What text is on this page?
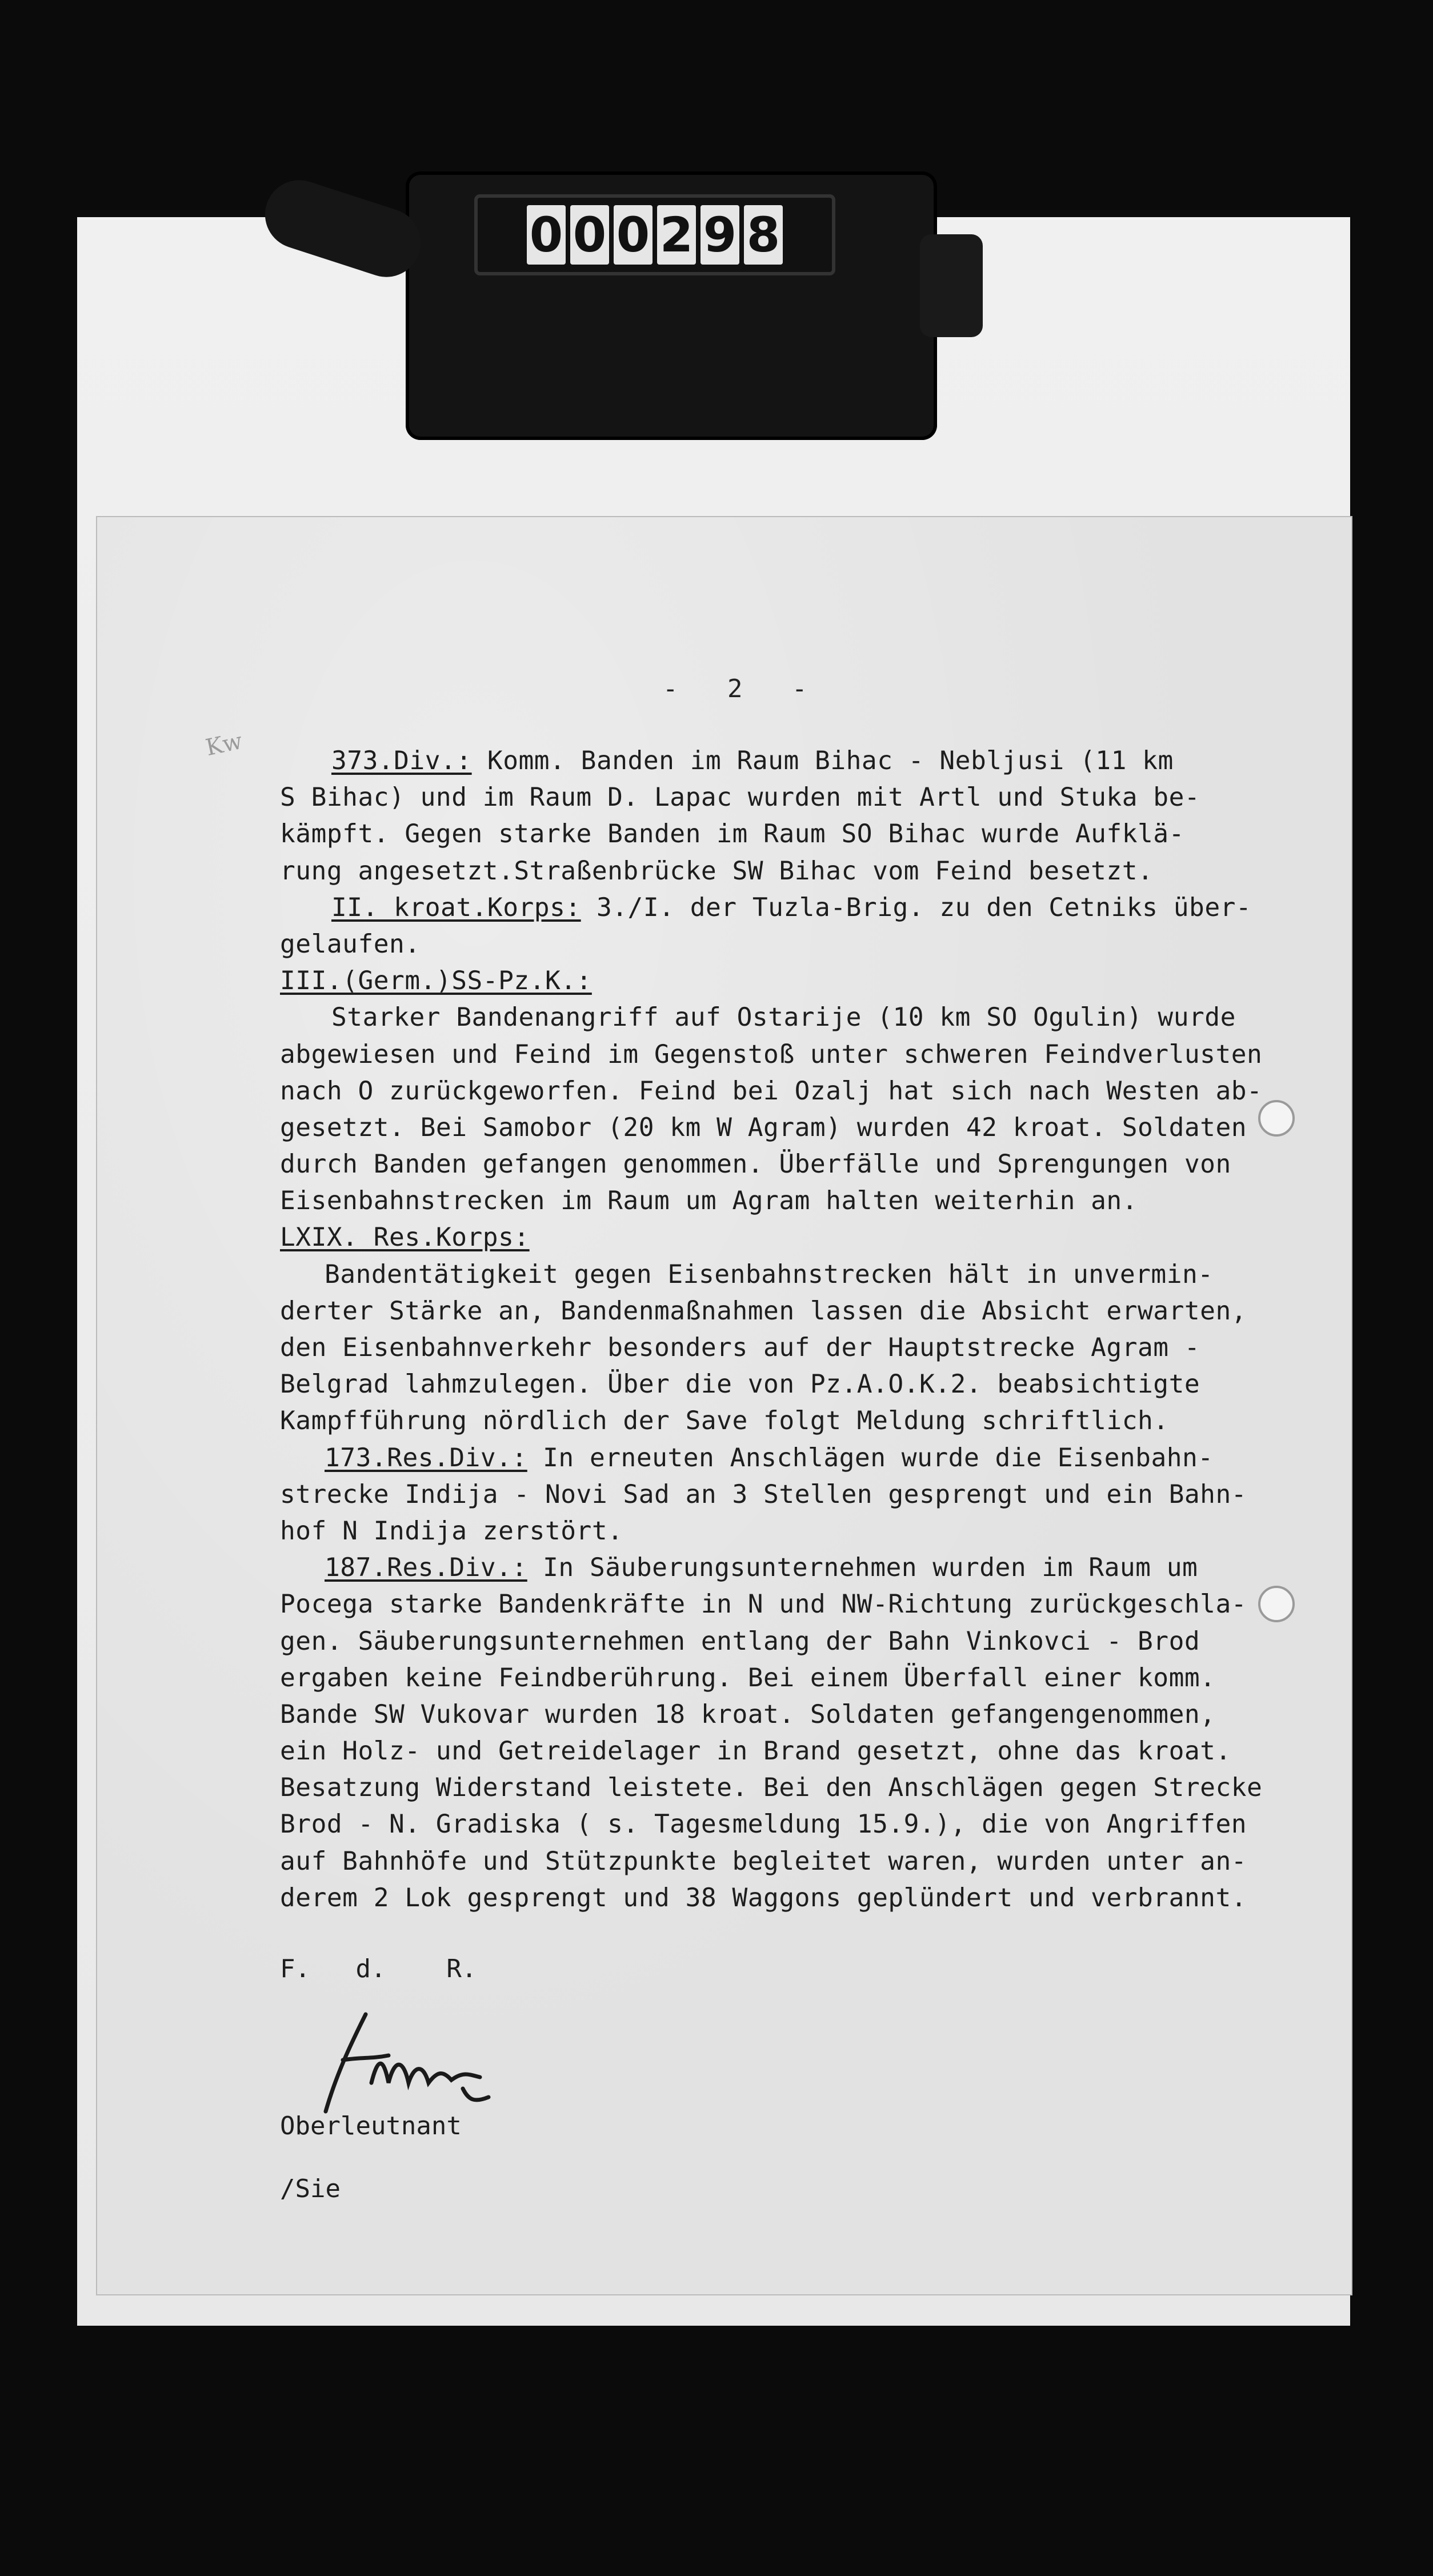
0 0 0 2 9 8
Kw
- 2 -
373.Div.: Komm. Banden im Raum Bihac - Nebljusi (11 km
S Bihac) und im Raum D. Lapac wurden mit Artl und Stuka be-
kämpft. Gegen starke Banden im Raum SO Bihac wurde Aufklä-
rung angesetzt.Straßenbrücke SW Bihac vom Feind besetzt.
II. kroat.Korps: 3./I. der Tuzla-Brig. zu den Cetniks über-
gelaufen.
III.(Germ.)SS-Pz.K.:
Starker Bandenangriff auf Ostarije (10 km SO Ogulin) wurde
abgewiesen und Feind im Gegenstoß unter schweren Feindverlusten
nach O zurückgeworfen. Feind bei Ozalj hat sich nach Westen ab-
gesetzt. Bei Samobor (20 km W Agram) wurden 42 kroat. Soldaten
durch Banden gefangen genommen. Überfälle und Sprengungen von
Eisenbahnstrecken im Raum um Agram halten weiterhin an.
LXIX. Res.Korps:
Bandentätigkeit gegen Eisenbahnstrecken hält in unvermin-
derter Stärke an, Bandenmaßnahmen lassen die Absicht erwarten,
den Eisenbahnverkehr besonders auf der Hauptstrecke Agram -
Belgrad lahmzulegen. Über die von Pz.A.O.K.2. beabsichtigte
Kampfführung nördlich der Save folgt Meldung schriftlich.
173.Res.Div.: In erneuten Anschlägen wurde die Eisenbahn-
strecke Indija - Novi Sad an 3 Stellen gesprengt und ein Bahn-
hof N Indija zerstört.
187.Res.Div.: In Säuberungsunternehmen wurden im Raum um
Pocega starke Bandenkräfte in N und NW-Richtung zurückgeschla-
gen. Säuberungsunternehmen entlang der Bahn Vinkovci - Brod
ergaben keine Feindberührung. Bei einem Überfall einer komm.
Bande SW Vukovar wurden 18 kroat. Soldaten gefangengenommen,
ein Holz- und Getreidelager in Brand gesetzt, ohne das kroat.
Besatzung Widerstand leistete. Bei den Anschlägen gegen Strecke
Brod - N. Gradiska ( s. Tagesmeldung 15.9.), die von Angriffen
auf Bahnhöfe und Stützpunkte begleitet waren, wurden unter an-
derem 2 Lok gesprengt und 38 Waggons geplündert und verbrannt.
F.   d.    R.
Oberleutnant
/Sie
